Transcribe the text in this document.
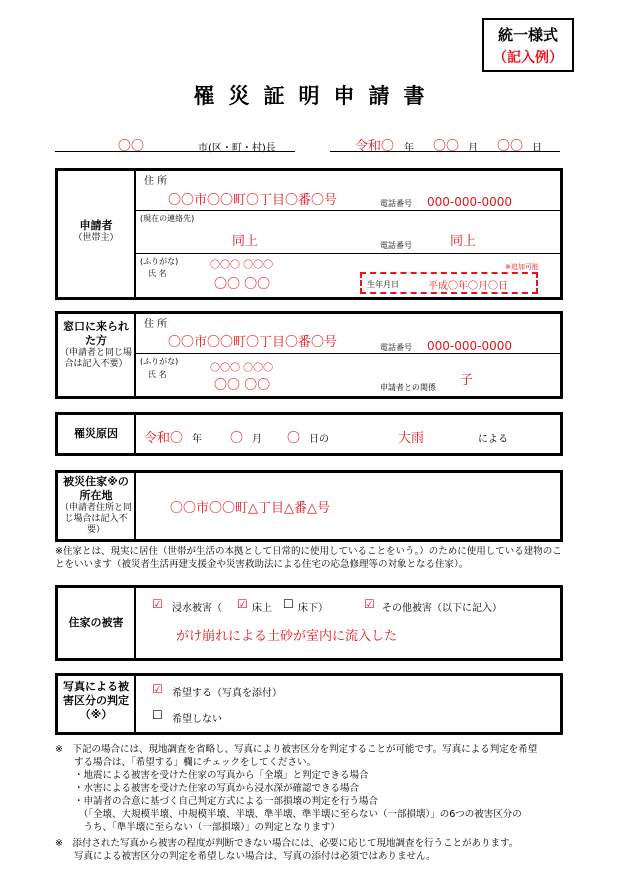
統一様式
（記入例）
罹災証明申請書
〇〇	市(区・町・村)長	令和〇 年 〇〇 月 〇〇 日
申請者
（世帯主）
住 所
〇〇市〇〇町〇丁目〇番〇号	電話番号 000-000-0000
(現在の連絡先)
同上	電話番号	同上
(ふりがな)
氏 名
〇〇〇 〇〇〇
〇〇 〇〇
※追加可能
生年月日	平成〇年〇月〇日
窓口に来られた方
（申請者と同じ場合は記入不要）
住 所
〇〇市〇〇町〇丁目〇番〇号	電話番号 000-000-0000
(ふりがな)
氏 名
〇〇〇 〇〇〇
〇〇 〇〇	申請者との関係 子
罹災原因	令和〇 年 〇 月 〇 日の	大雨	による
被災住家※の所在地
（申請者住所と同じ場合は記入不要）
〇〇市〇〇町△丁目△番△号
※住家とは、現実に居住（世帯が生活の本拠として日常的に使用していることをいう。）のために使用している建物のことをいいます（被災者生活再建支援金や災害救助法による住宅の応急修理等の対象となる住家）。
住家の被害
☑ 浸水被害（ ☑ 床上 ☐ 床下）	☑ その他被害（以下に記入）
がけ崩れによる土砂が室内に流入した
写真による被害区分の判定（※）
☑ 希望する（写真を添付）
☐ 希望しない
※　下記の場合には、現地調査を省略し、写真により被害区分を判定することが可能です。写真による判定を希望
　　する場合は、「希望する」欄にチェックをしてください。
　　・地震による被害を受けた住家の写真から「全壊」と判定できる場合
　　・水害による被害を受けた住家の写真から浸水深が確認できる場合
　　・申請者の合意に基づく自己判定方式による一部損壊の判定を行う場合
　　　（「全壊、大規模半壊、中規模半壊、半壊、準半壊、準半壊に至らない（一部損壊）」の6つの被害区分の
　　　うち、「準半壊に至らない（一部損壊）」の判定となります）
※　添付された写真から被害の程度が判断できない場合には、必要に応じて現地調査を行うことがあります。
　　写真による被害区分の判定を希望しない場合は、写真の添付は必須ではありません。
